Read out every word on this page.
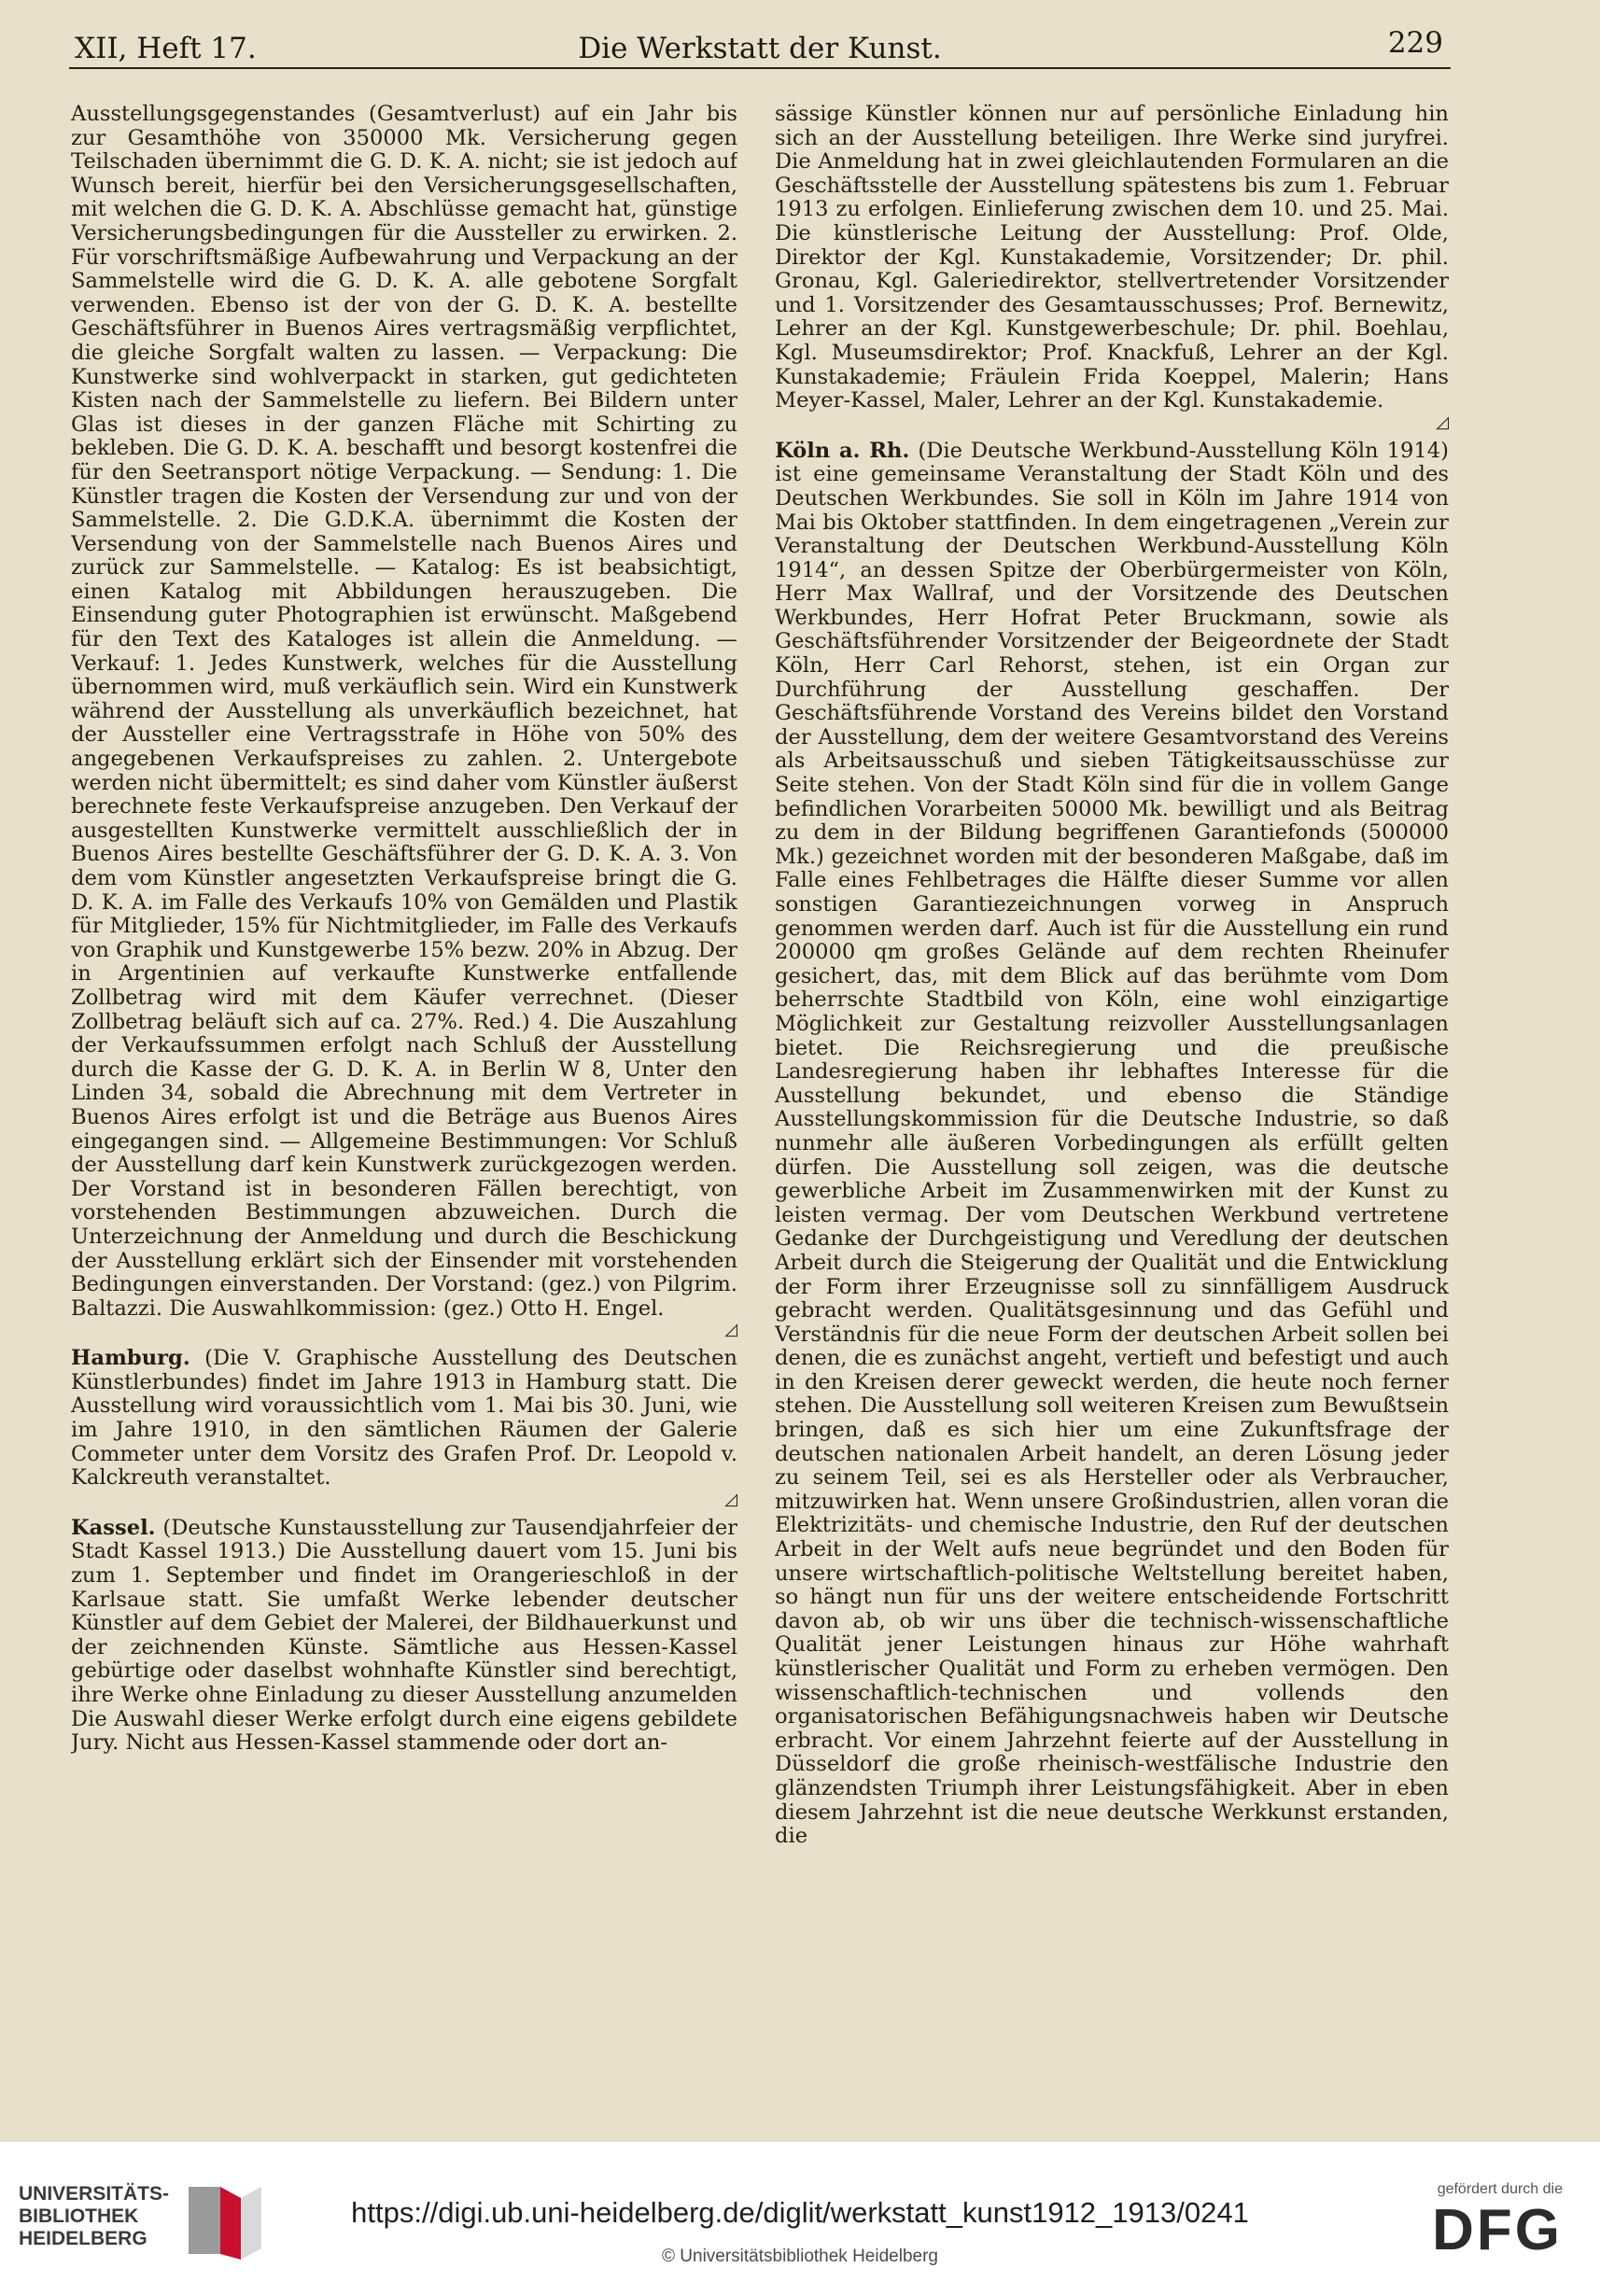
XII, Heft 17.	Die Werkstatt der Kunst.	229

Ausstellungsgegenstandes (Gesamtverlust) auf ein Jahr bis zur Gesamthöhe von 350000 Mk. Versicherung gegen Teilschaden übernimmt die G. D. K. A. nicht; sie ist jedoch auf Wunsch bereit, hierfür bei den Versicherungsgesellschaften, mit welchen die G. D. K. A. Abschlüsse gemacht hat, günstige Versicherungsbedingungen für die Aussteller zu erwirken. 2. Für vorschriftsmäßige Aufbewahrung und Verpackung an der Sammelstelle wird die G. D. K. A. alle gebotene Sorgfalt verwenden. Ebenso ist der von der G. D. K. A. bestellte Geschäftsführer in Buenos Aires vertragsmäßig verpflichtet, die gleiche Sorgfalt walten zu lassen. — Verpackung: Die Kunstwerke sind wohlverpackt in starken, gut gedichteten Kisten nach der Sammelstelle zu liefern. Bei Bildern unter Glas ist dieses in der ganzen Fläche mit Schirting zu bekleben. Die G. D. K. A. beschafft und besorgt kostenfrei die für den Seetransport nötige Verpackung. — Sendung: 1. Die Künstler tragen die Kosten der Versendung zur und von der Sammelstelle. 2. Die G.D.K.A. übernimmt die Kosten der Versendung von der Sammelstelle nach Buenos Aires und zurück zur Sammelstelle. — Katalog: Es ist beabsichtigt, einen Katalog mit Abbildungen herauszugeben. Die Einsendung guter Photographien ist erwünscht. Maßgebend für den Text des Kataloges ist allein die Anmeldung. — Verkauf: 1. Jedes Kunstwerk, welches für die Ausstellung übernommen wird, muß verkäuflich sein. Wird ein Kunstwerk während der Ausstellung als unverkäuflich bezeichnet, hat der Aussteller eine Vertragsstrafe in Höhe von 50% des angegebenen Verkaufspreises zu zahlen. 2. Untergebote werden nicht übermittelt; es sind daher vom Künstler äußerst berechnete feste Verkaufspreise anzugeben. Den Verkauf der ausgestellten Kunstwerke vermittelt ausschließlich der in Buenos Aires bestellte Geschäftsführer der G. D. K. A. 3. Von dem vom Künstler angesetzten Verkaufspreise bringt die G. D. K. A. im Falle des Verkaufs 10% von Gemälden und Plastik für Mitglieder, 15% für Nichtmitglieder, im Falle des Verkaufs von Graphik und Kunstgewerbe 15% bezw. 20% in Abzug. Der in Argentinien auf verkaufte Kunstwerke entfallende Zollbetrag wird mit dem Käufer verrechnet. (Dieser Zollbetrag beläuft sich auf ca. 27%. Red.) 4. Die Auszahlung der Verkaufssummen erfolgt nach Schluß der Ausstellung durch die Kasse der G. D. K. A. in Berlin W 8, Unter den Linden 34, sobald die Abrechnung mit dem Vertreter in Buenos Aires erfolgt ist und die Beträge aus Buenos Aires eingegangen sind. — Allgemeine Bestimmungen: Vor Schluß der Ausstellung darf kein Kunstwerk zurückgezogen werden. Der Vorstand ist in besonderen Fällen berechtigt, von vorstehenden Bestimmungen abzuweichen. Durch die Unterzeichnung der Anmeldung und durch die Beschickung der Ausstellung erklärt sich der Einsender mit vorstehenden Bedingungen einverstanden. Der Vorstand: (gez.) von Pilgrim. Baltazzi. Die Auswahlkommission: (gez.) Otto H. Engel.
◿

Hamburg. (Die V. Graphische Ausstellung des Deutschen Künstlerbundes) findet im Jahre 1913 in Hamburg statt. Die Ausstellung wird voraussichtlich vom 1. Mai bis 30. Juni, wie im Jahre 1910, in den sämtlichen Räumen der Galerie Commeter unter dem Vorsitz des Grafen Prof. Dr. Leopold v. Kalckreuth veranstaltet.
◿

Kassel. (Deutsche Kunstausstellung zur Tausendjahrfeier der Stadt Kassel 1913.) Die Ausstellung dauert vom 15. Juni bis zum 1. September und findet im Orangerieschloß in der Karlsaue statt. Sie umfaßt Werke lebender deutscher Künstler auf dem Gebiet der Malerei, der Bildhauerkunst und der zeichnenden Künste. Sämtliche aus Hessen-Kassel gebürtige oder daselbst wohnhafte Künstler sind berechtigt, ihre Werke ohne Einladung zu dieser Ausstellung anzumelden Die Auswahl dieser Werke erfolgt durch eine eigens gebildete Jury. Nicht aus Hessen-Kassel stammende oder dort an-

sässige Künstler können nur auf persönliche Einladung hin sich an der Ausstellung beteiligen. Ihre Werke sind juryfrei. Die Anmeldung hat in zwei gleichlautenden Formularen an die Geschäftsstelle der Ausstellung spätestens bis zum 1. Februar 1913 zu erfolgen. Einlieferung zwischen dem 10. und 25. Mai. Die künstlerische Leitung der Ausstellung: Prof. Olde, Direktor der Kgl. Kunstakademie, Vorsitzender; Dr. phil. Gronau, Kgl. Galeriedirektor, stellvertretender Vorsitzender und 1. Vorsitzender des Gesamtausschusses; Prof. Bernewitz, Lehrer an der Kgl. Kunstgewerbeschule; Dr. phil. Boehlau, Kgl. Museumsdirektor; Prof. Knackfuß, Lehrer an der Kgl. Kunstakademie; Fräulein Frida Koeppel, Malerin; Hans Meyer-Kassel, Maler, Lehrer an der Kgl. Kunstakademie.
◿

Köln a. Rh. (Die Deutsche Werkbund-Ausstellung Köln 1914) ist eine gemeinsame Veranstaltung der Stadt Köln und des Deutschen Werkbundes. Sie soll in Köln im Jahre 1914 von Mai bis Oktober stattfinden. In dem eingetragenen „Verein zur Veranstaltung der Deutschen Werkbund-Ausstellung Köln 1914“, an dessen Spitze der Oberbürgermeister von Köln, Herr Max Wallraf, und der Vorsitzende des Deutschen Werkbundes, Herr Hofrat Peter Bruckmann, sowie als Geschäftsführender Vorsitzender der Beigeordnete der Stadt Köln, Herr Carl Rehorst, stehen, ist ein Organ zur Durchführung der Ausstellung geschaffen. Der Geschäftsführende Vorstand des Vereins bildet den Vorstand der Ausstellung, dem der weitere Gesamtvorstand des Vereins als Arbeitsausschuß und sieben Tätigkeitsausschüsse zur Seite stehen. Von der Stadt Köln sind für die in vollem Gange befindlichen Vorarbeiten 50000 Mk. bewilligt und als Beitrag zu dem in der Bildung begriffenen Garantiefonds (500000 Mk.) gezeichnet worden mit der besonderen Maßgabe, daß im Falle eines Fehlbetrages die Hälfte dieser Summe vor allen sonstigen Garantiezeichnungen vorweg in Anspruch genommen werden darf. Auch ist für die Ausstellung ein rund 200000 qm großes Gelände auf dem rechten Rheinufer gesichert, das, mit dem Blick auf das berühmte vom Dom beherrschte Stadtbild von Köln, eine wohl einzigartige Möglichkeit zur Gestaltung reizvoller Ausstellungsanlagen bietet. Die Reichsregierung und die preußische Landesregierung haben ihr lebhaftes Interesse für die Ausstellung bekundet, und ebenso die Ständige Ausstellungskommission für die Deutsche Industrie, so daß nunmehr alle äußeren Vorbedingungen als erfüllt gelten dürfen. Die Ausstellung soll zeigen, was die deutsche gewerbliche Arbeit im Zusammenwirken mit der Kunst zu leisten vermag. Der vom Deutschen Werkbund vertretene Gedanke der Durchgeistigung und Veredlung der deutschen Arbeit durch die Steigerung der Qualität und die Entwicklung der Form ihrer Erzeugnisse soll zu sinnfälligem Ausdruck gebracht werden. Qualitätsgesinnung und das Gefühl und Verständnis für die neue Form der deutschen Arbeit sollen bei denen, die es zunächst angeht, vertieft und befestigt und auch in den Kreisen derer geweckt werden, die heute noch ferner stehen. Die Ausstellung soll weiteren Kreisen zum Bewußtsein bringen, daß es sich hier um eine Zukunftsfrage der deutschen nationalen Arbeit handelt, an deren Lösung jeder zu seinem Teil, sei es als Hersteller oder als Verbraucher, mitzuwirken hat. Wenn unsere Großindustrien, allen voran die Elektrizitäts- und chemische Industrie, den Ruf der deutschen Arbeit in der Welt aufs neue begründet und den Boden für unsere wirtschaftlich-politische Weltstellung bereitet haben, so hängt nun für uns der weitere entscheidende Fortschritt davon ab, ob wir uns über die technisch-wissenschaftliche Qualität jener Leistungen hinaus zur Höhe wahrhaft künstlerischer Qualität und Form zu erheben vermögen. Den wissenschaftlich-technischen und vollends den organisatorischen Befähigungsnachweis haben wir Deutsche erbracht. Vor einem Jahrzehnt feierte auf der Ausstellung in Düsseldorf die große rheinisch-westfälische Industrie den glänzendsten Triumph ihrer Leistungsfähigkeit. Aber in eben diesem Jahrzehnt ist die neue deutsche Werkkunst erstanden, die

UNIVERSITÄTS-
BIBLIOTHEK
HEIDELBERG
https://digi.ub.uni-heidelberg.de/diglit/werkstatt_kunst1912_1913/0241
© Universitätsbibliothek Heidelberg
gefördert durch die
DFG
